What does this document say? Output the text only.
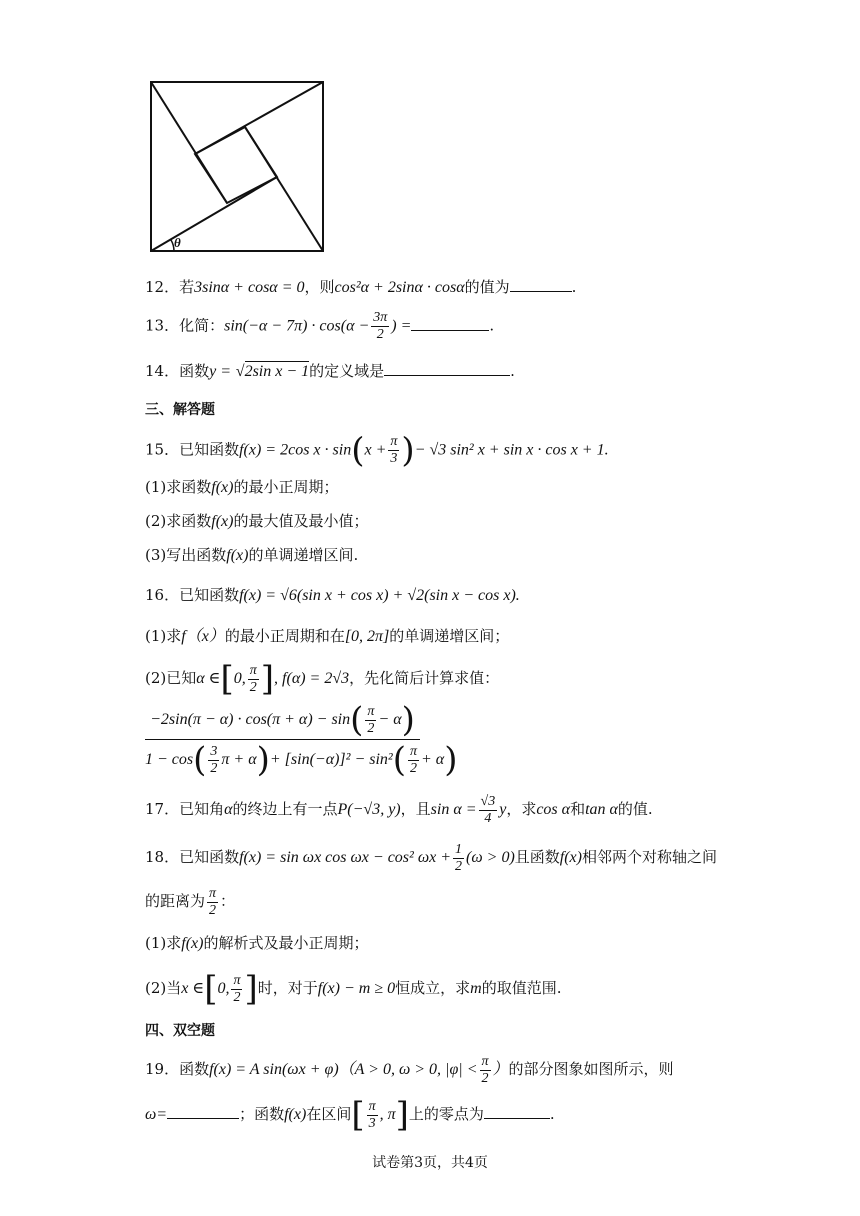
θ
12．若3sinα + cosα = 0，则cos²α + 2sinα · cosα的值为	.
13．化简：$\sin(-\alpha - 7\pi) \cdot \cos(\alpha - \frac{3\pi}{2}$ ) =	.
14．函数y = √2sin x − 1的定义域是	.
三、解答题
15．已知函数f(x) = 2cos $x \cdot \sin(x + \frac{\pi}{3}$ )− √3 sin² x + sin x · cos x + 1.
(1)求函数f(x)的最小正周期；
(2)求函数f(x)的最大值及最小值；
(3)写出函数f(x)的单调递增区间.
16．已知函数f(x) = √6(sin x + cos x) + √2(sin x − cos x).
(1)求f（x）的最小正周期和在[0, 2π]的单调递增区间；
(2)已知α ∈[0, $\frac{\pi}{2}$ ], f(α) = 2√3，先化简后计算求值：
$-2\sin(\pi - \alpha) \cdot \cos(\pi + \alpha) - \sin( \frac{\pi}{2} - \alpha)$
$1 - \cos( \frac{3}{2}$ $\pi + \alpha)+ [\sin(-\alpha)]^2 - \sin^2( \frac{\pi}{2} + \alpha)$
17．已知角α的终边上有一点P(−√3, y)，且$\sin \alpha = \frac{√3}{4}$ y，求cos α和tan α的值.
18．已知函数f(x) = sin ωx cos ωx − cos² $\omega x + \frac{1}{2} (\omega > 0)$且函数f(x)相邻两个对称轴之间
的距离为 $\frac{\pi}{2}$ ：
(1)求f(x)的解析式及最小正周期；
(2)当x ∈[0, $\frac{\pi}{2}$ ]时，对于f(x) − m ≥ 0恒成立，求m的取值范围.
四、双空题
19．函数f(x) = A sin(ωx + φ)（A > 0, ω > 0, $|\varphi| < \frac{\pi}{2}$ ）的部分图象如图所示，则
ω=	；函数f(x)在区间[ $\frac{\pi}{3}$ , π]上的零点为	.
试卷第3页，共4页
